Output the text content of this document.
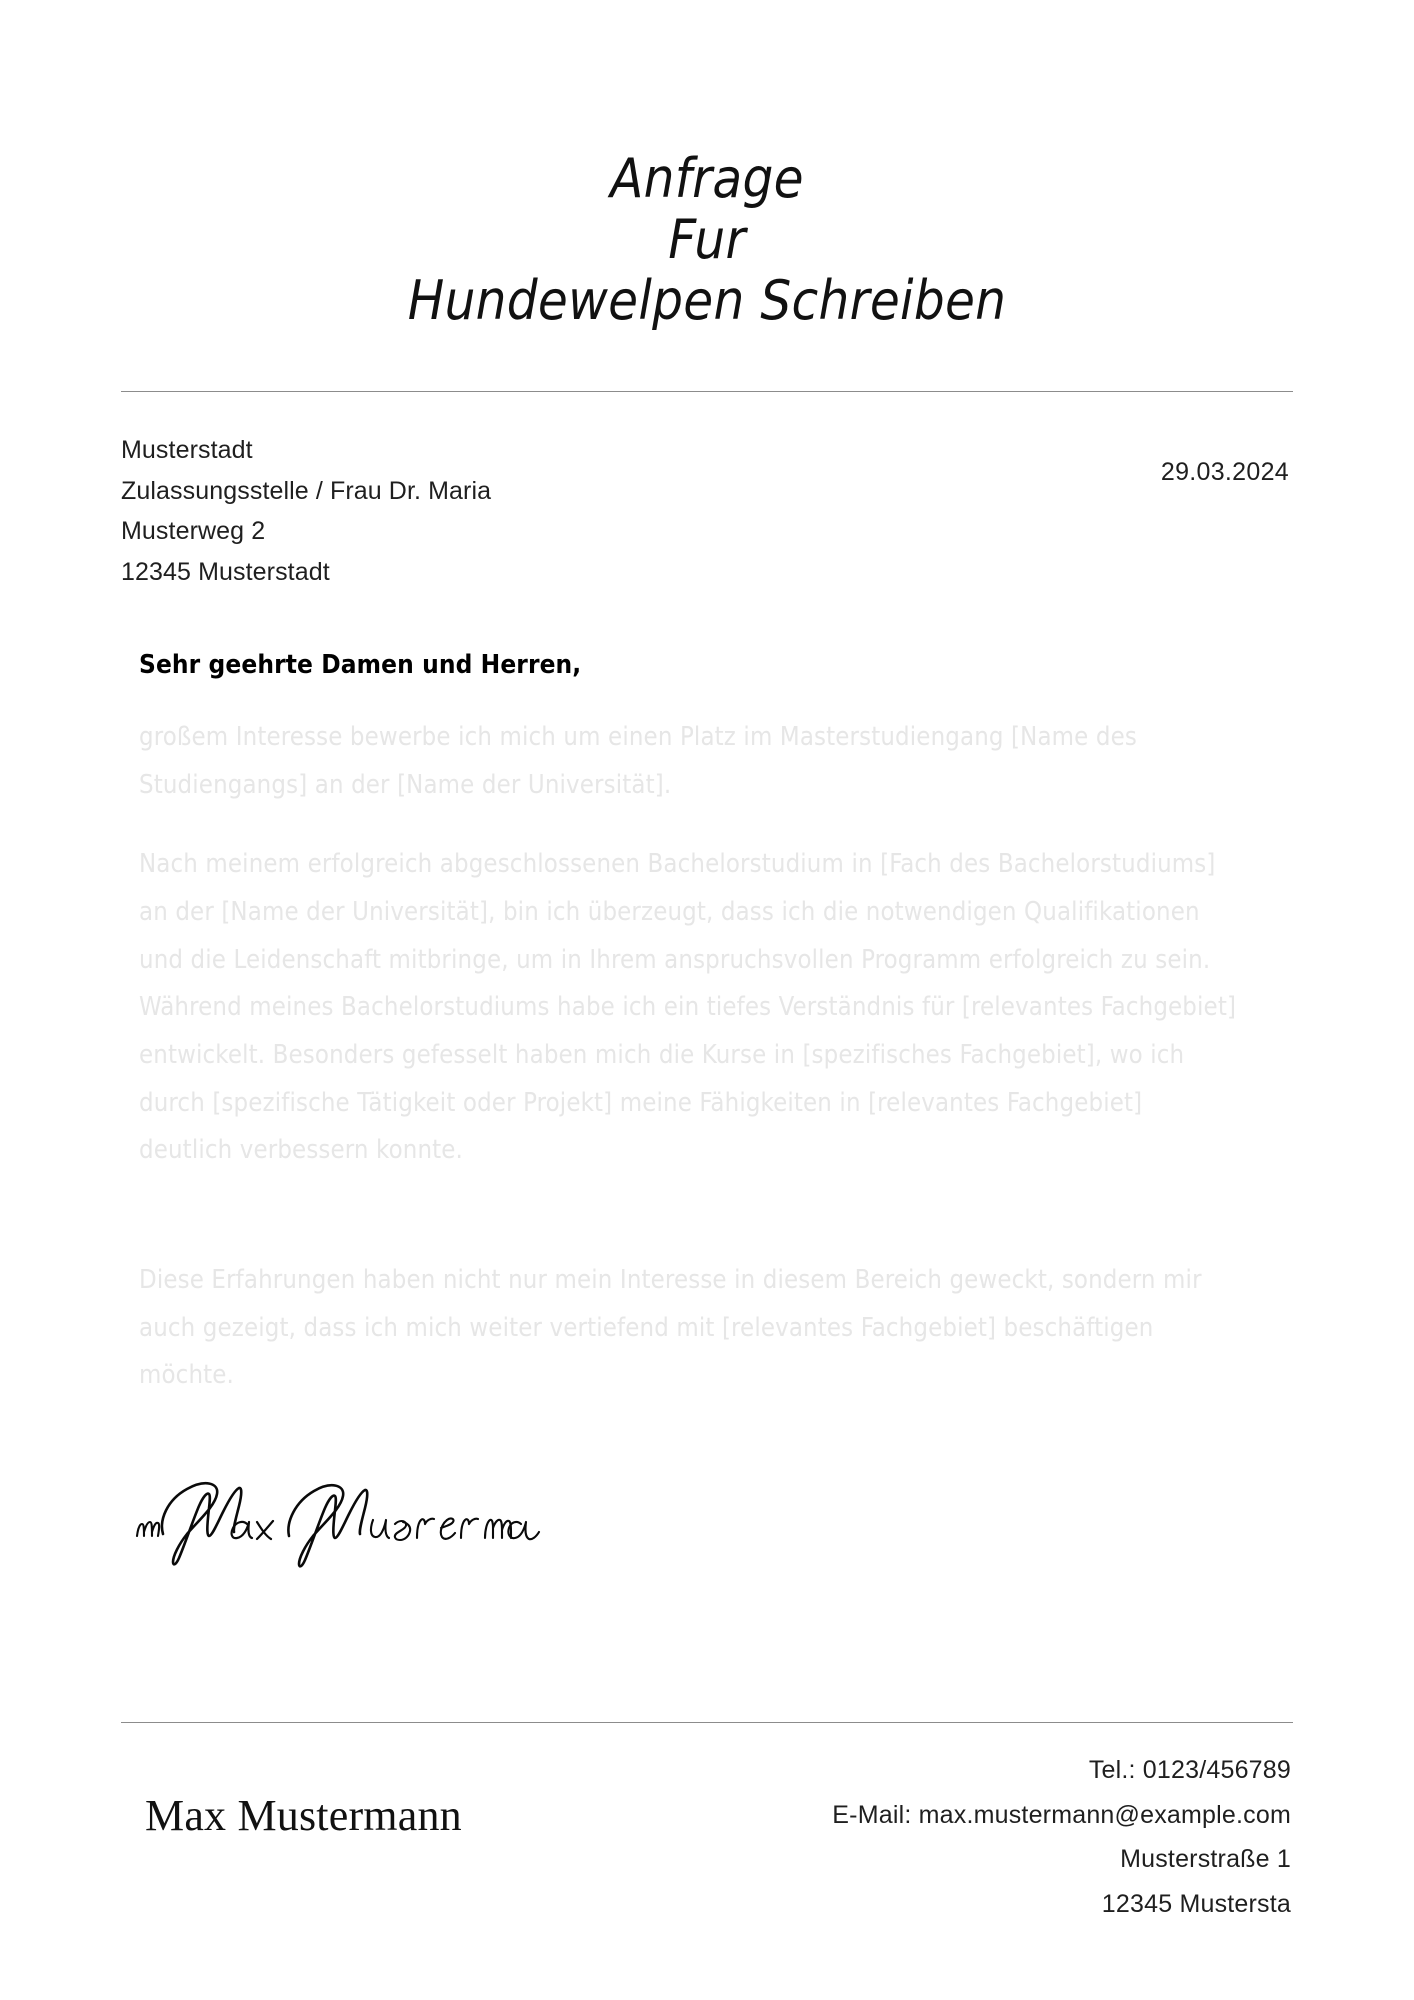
Anfrage
Fur
Hundewelpen Schreiben
Musterstadt
Zulassungsstelle / Frau Dr. Maria
Musterweg 2
12345 Musterstadt
29.03.2024
Sehr geehrte Damen und Herren,

großem Interesse bewerbe ich mich um einen Platz im Masterstudiengang [Name des Studiengangs] an der [Name der Universität].

Nach meinem erfolgreich abgeschlossenen Bachelorstudium in [Fach des Bachelorstudiums] an der [Name der Universität], bin ich überzeugt, dass ich die notwendigen Qualifikationen und die Leidenschaft mitbringe, um in Ihrem anspruchsvollen Programm erfolgreich zu sein.

Während meines Bachelorstudiums habe ich ein tiefes Verständnis für [relevantes Fachgebiet] entwickelt. Besonders gefesselt haben mich die Kurse in [spezifisches Fachgebiet], wo ich durch [spezifische Tätigkeit oder Projekt] meine Fähigkeiten in [relevantes Fachgebiet] deutlich verbessern konnte.

Diese Erfahrungen haben nicht nur mein Interesse in diesem Bereich geweckt, sondern mir auch gezeigt, dass ich mich weiter vertiefend mit [relevantes Fachgebiet] beschäftigen möchte.

Max Mustermann
Tel.: 0123/456789
E-Mail: max.mustermann@example.com
Musterstraße 1
12345 Mustersta
